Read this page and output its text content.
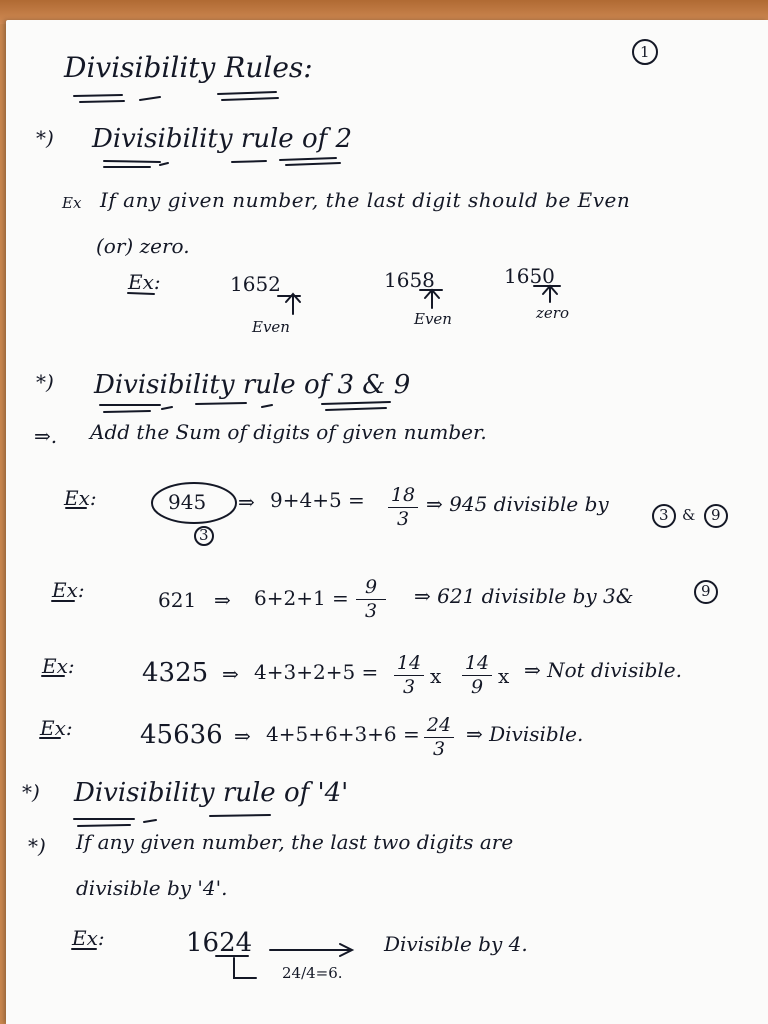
Divisibility Rules:	1
*) Divisibility rule of 2
Ex If any given number, the last digit should be Even
(or) zero.
Ex:	1652
Even
1658
Even
1650
zero
*) Divisibility rule of 3 & 9
⇒. Add the Sum of digits of given number.
Ex:	945 ⇒ 9+4+5 = 18
3
⇒ 945 divisible by
3
3 & 9
Ex:	621 ⇒ 6+2+1 = 9
3
⇒ 621 divisible by 3&	9
Ex:	4325 ⇒ 4+3+2+5 = 14
3 x
14
9 x ⇒ Not divisible.
Ex:	45636 ⇒ 4+5+6+3+6 = 24
3
⇒ Divisible.
*) Divisibility rule of '4'
*) If any given number, the last two digits are
divisible by '4'.
Ex:	1624	Divisible by 4.
24/4=6.
